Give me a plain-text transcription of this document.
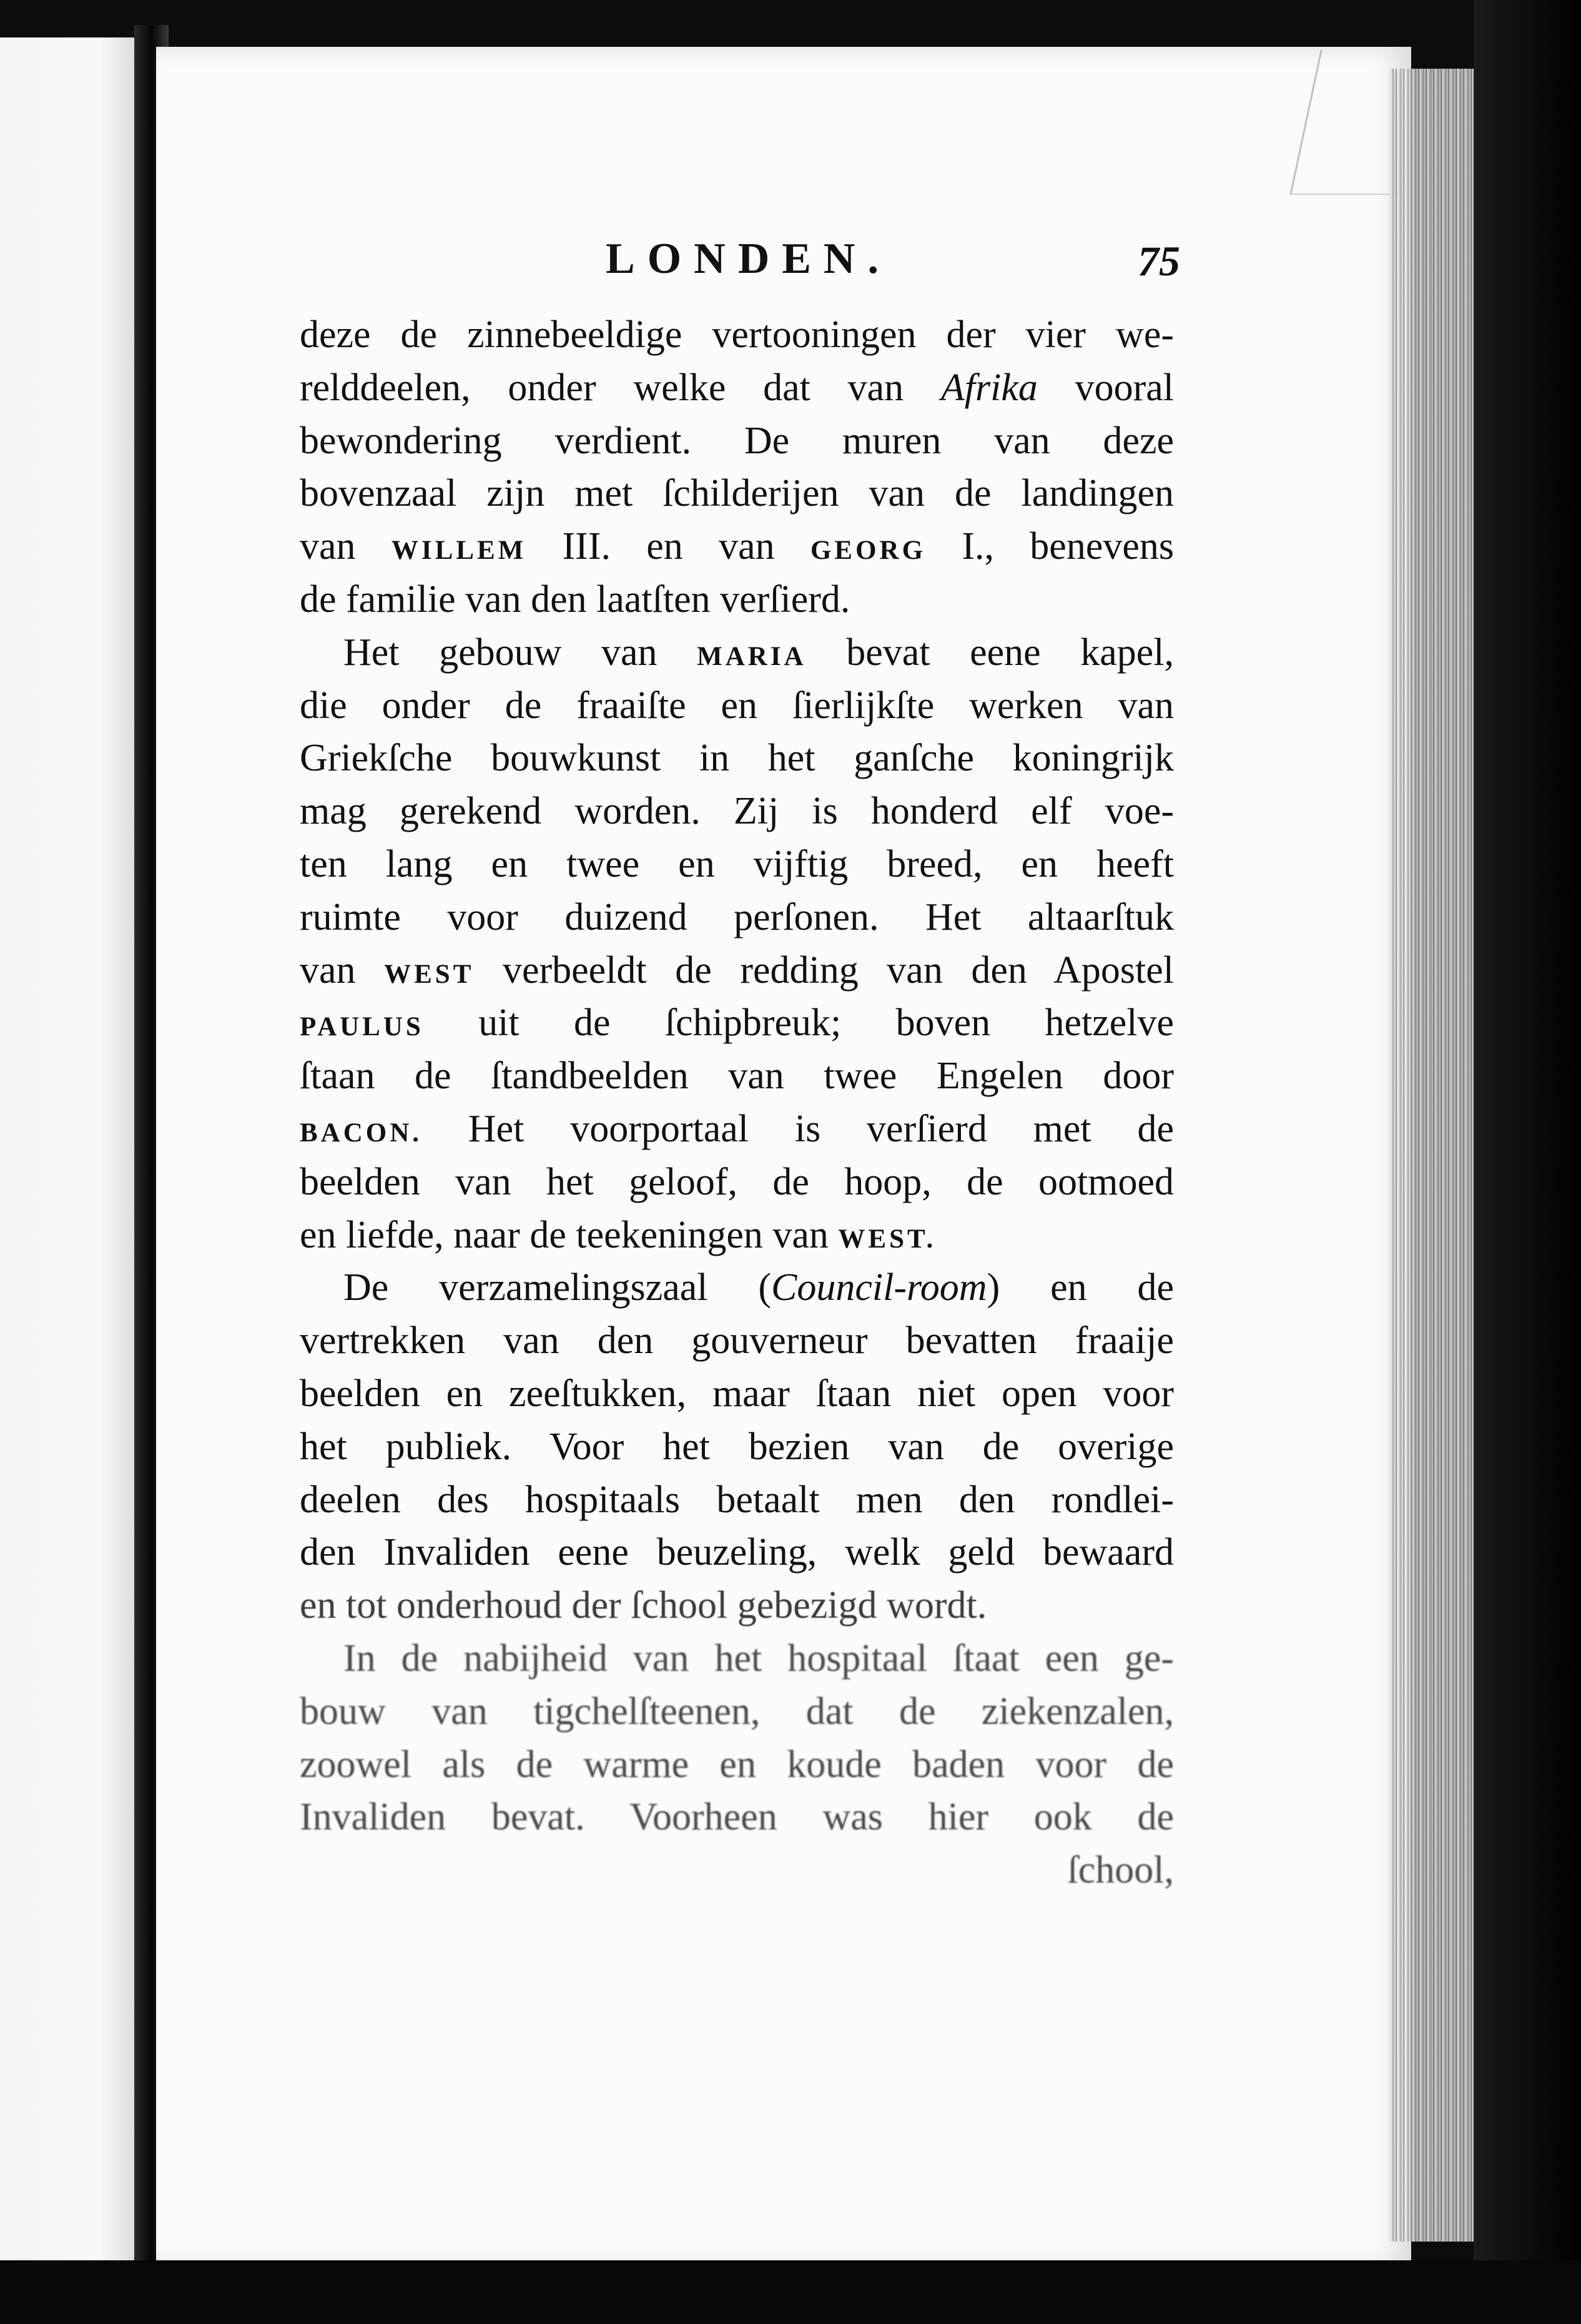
LONDEN.	75
deze de zinnebeeldige vertooningen der vier we-
relddeelen, onder welke dat van Afrika vooral
bewondering verdient. De muren van deze
bovenzaal zijn met ſchilderijen van de landingen
van WILLEM III. en van GEORG I., benevens
de familie van den laatſten verſierd.
Het gebouw van MARIA bevat eene kapel,
die onder de fraaiſte en ſierlijkſte werken van
Griekſche bouwkunst in het ganſche koningrijk
mag gerekend worden. Zij is honderd elf voe-
ten lang en twee en vijftig breed, en heeft
ruimte voor duizend perſonen. Het altaarſtuk
van WEST verbeeldt de redding van den Apostel
PAULUS uit de ſchipbreuk; boven hetzelve
ſtaan de ſtandbeelden van twee Engelen door
BACON. Het voorportaal is verſierd met de
beelden van het geloof, de hoop, de ootmoed
en liefde, naar de teekeningen van WEST.
De verzamelingszaal (Council-room) en de
vertrekken van den gouverneur bevatten fraaije
beelden en zeeſtukken, maar ſtaan niet open voor
het publiek. Voor het bezien van de overige
deelen des hospitaals betaalt men den rondlei-
den Invaliden eene beuzeling, welk geld bewaard
en tot onderhoud der ſchool gebezigd wordt.
In de nabijheid van het hospitaal ſtaat een ge-
bouw van tigchelſteenen, dat de ziekenzalen,
zoowel als de warme en koude baden voor de
Invaliden bevat. Voorheen was hier ook de
ſchool,
